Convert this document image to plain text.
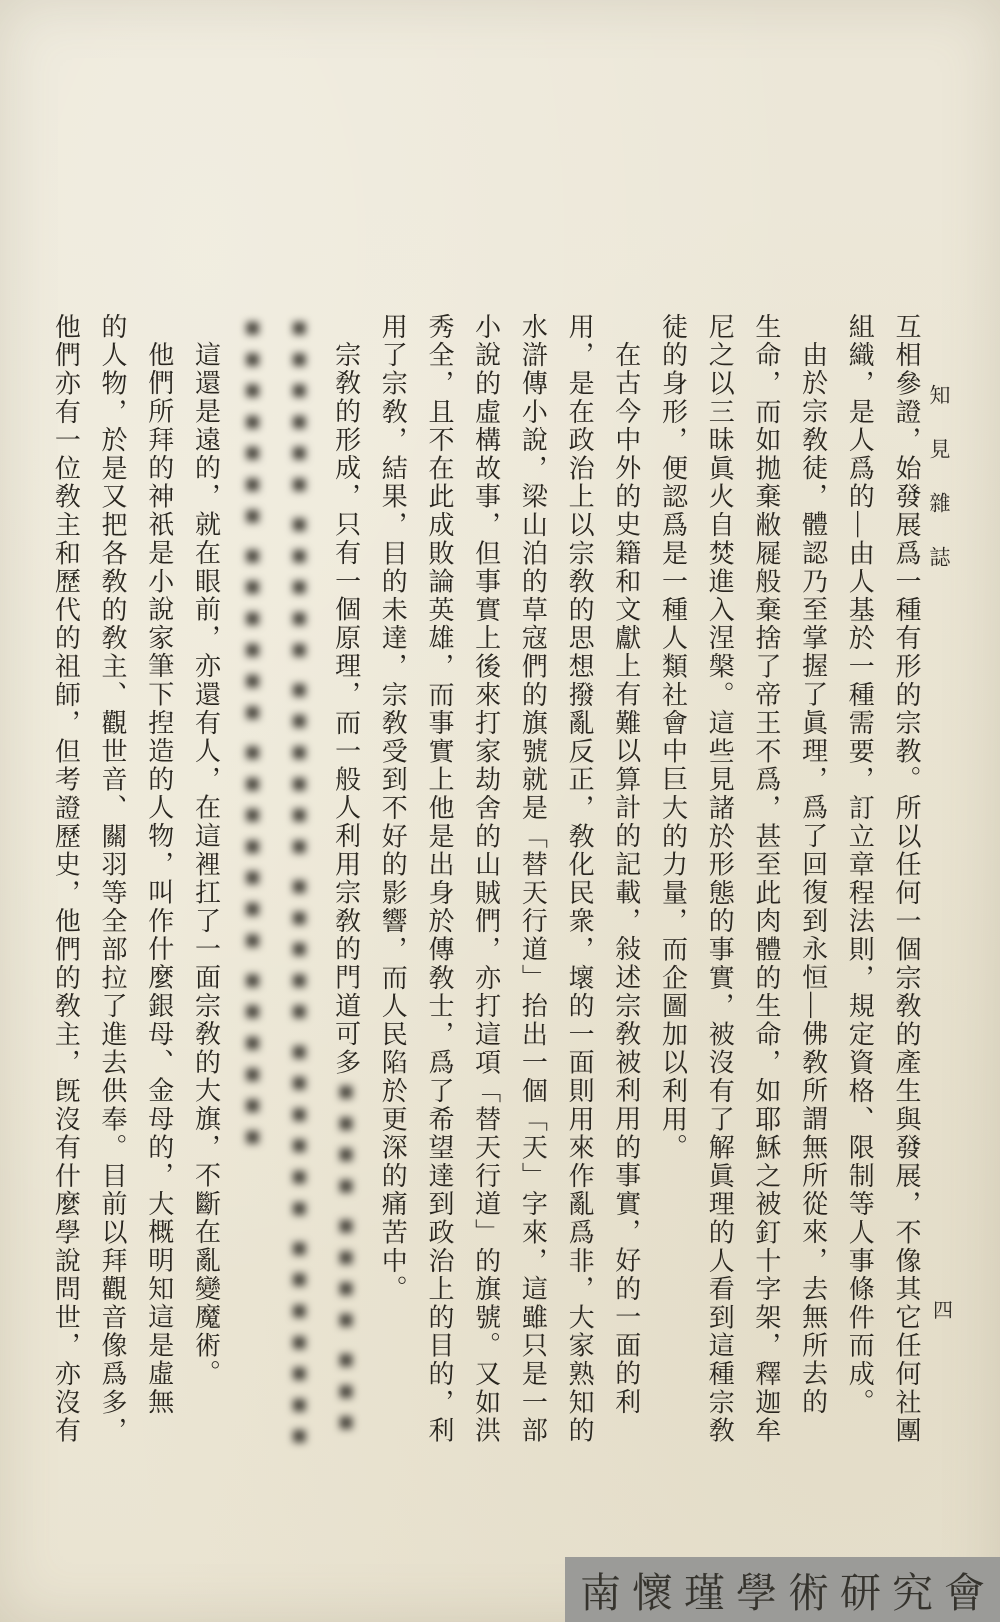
知見雜誌
四
互相參證，始發展爲一種有形的宗教。所以任何一個宗敎的產生與發展，不像其它任何社團
組織，是人爲的—由人基於一種需要，訂立章程法則，規定資格、限制等人事條件而成。
由於宗敎徒，體認乃至掌握了眞理，爲了回復到永恒—佛敎所謂無所從來，去無所去的
生命，而如拋棄敝屣般棄捨了帝王不爲，甚至此肉體的生命，如耶穌之被釘十字架，釋迦牟
尼之以三昧眞火自焚進入涅槃。這些見諸於形態的事實，被沒有了解眞理的人看到這種宗敎
徒的身形，便認爲是一種人類社會中巨大的力量，而企圖加以利用。
在古今中外的史籍和文獻上有難以算計的記載，敍述宗敎被利用的事實，好的一面的利
用，是在政治上以宗敎的思想撥亂反正，敎化民衆，壞的一面則用來作亂爲非，大家熟知的
水滸傳小說，梁山泊的草寇們的旗號就是「替天行道」抬出一個「天」字來，這雖只是一部
小說的虛構故事，但事實上後來打家劫舍的山賊們，亦打這項「替天行道」的旗號。又如洪
秀全，且不在此成敗論英雄，而事實上他是出身於傳敎士，爲了希望達到政治上的目的，利
用了宗敎，結果，目的未達，宗敎受到不好的影響，而人民陷於更深的痛苦中。
宗敎的形成，只有一個原理，而一般人利用宗敎的門道可多■■■■ ■■■■ ■■■
■■■■■■ ■■■■■ ■■■■■■ ■■■■■ ■■■■■■ ■■■■■■■
■■■■■■■ ■■■■■■ ■■■■■■■ ■■■■■■
這還是遠的，就在眼前，亦還有人，在這裡扛了一面宗敎的大旗，不斷在亂變魔術。
他們所拜的神祇是小說家筆下揑造的人物，叫作什麼銀母、金母的，大概明知這是虛無
的人物，於是又把各敎的敎主、觀世音、關羽等全部拉了進去供奉。目前以拜觀音像爲多，
他們亦有一位敎主和歷代的祖師，但考證歷史，他們的敎主，旣沒有什麼學說問世，亦沒有
南懷瑾學術研究會
